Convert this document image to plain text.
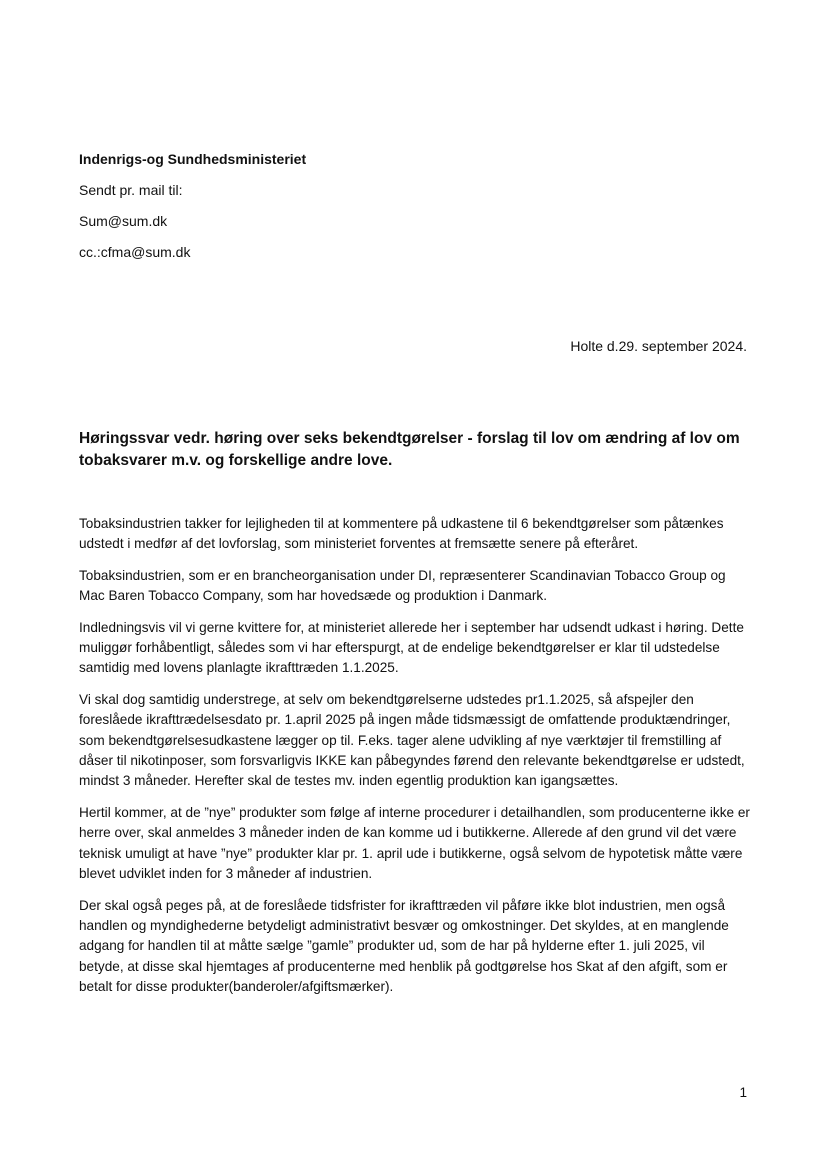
Indenrigs-og Sundhedsministeriet
Sendt pr. mail til:
Sum@sum.dk
cc.:cfma@sum.dk
Holte d.29. september 2024.
Høringssvar vedr. høring over seks bekendtgørelser - forslag til lov om ændring af lov om tobaksvarer m.v. og forskellige andre love.

Tobaksindustrien takker for lejligheden til at kommentere på udkastene til 6 bekendtgørelser som påtænkes udstedt i medfør af det lovforslag, som ministeriet forventes at fremsætte senere på efteråret.

Tobaksindustrien, som er en brancheorganisation under DI, repræsenterer Scandinavian Tobacco Group og Mac Baren Tobacco Company, som har hovedsæde og produktion i Danmark.

Indledningsvis vil vi gerne kvittere for, at ministeriet allerede her i september har udsendt udkast i høring. Dette muliggør forhåbentligt, således som vi har efterspurgt, at de endelige bekendtgørelser er klar til udstedelse samtidig med lovens planlagte ikrafttræden 1.1.2025.

Vi skal dog samtidig understrege, at selv om bekendtgørelserne udstedes pr1.1.2025, så afspejler den foreslåede ikrafttrædelsesdato pr. 1.april 2025 på ingen måde tidsmæssigt de omfattende produktændringer, som bekendtgørelsesudkastene lægger op til. F.eks. tager alene udvikling af nye værktøjer til fremstilling af dåser til nikotinposer, som forsvarligvis IKKE kan påbegyndes førend den relevante bekendtgørelse er udstedt, mindst 3 måneder. Herefter skal de testes mv. inden egentlig produktion kan igangsættes.

Hertil kommer, at de ”nye” produkter som følge af interne procedurer i detailhandlen, som producenterne ikke er herre over, skal anmeldes 3 måneder inden de kan komme ud i butikkerne. Allerede af den grund vil det være teknisk umuligt at have ”nye” produkter klar pr. 1. april ude i butikkerne, også selvom de hypotetisk måtte være blevet udviklet inden for 3 måneder af industrien.

Der skal også peges på, at de foreslåede tidsfrister for ikrafttræden vil påføre ikke blot industrien, men også handlen og myndighederne betydeligt administrativt besvær og omkostninger. Det skyldes, at en manglende adgang for handlen til at måtte sælge ”gamle” produkter ud, som de har på hylderne efter 1. juli 2025, vil betyde, at disse skal hjemtages af producenterne med henblik på godtgørelse hos Skat af den afgift, som er betalt for disse produkter(banderoler/afgiftsmærker).

1
